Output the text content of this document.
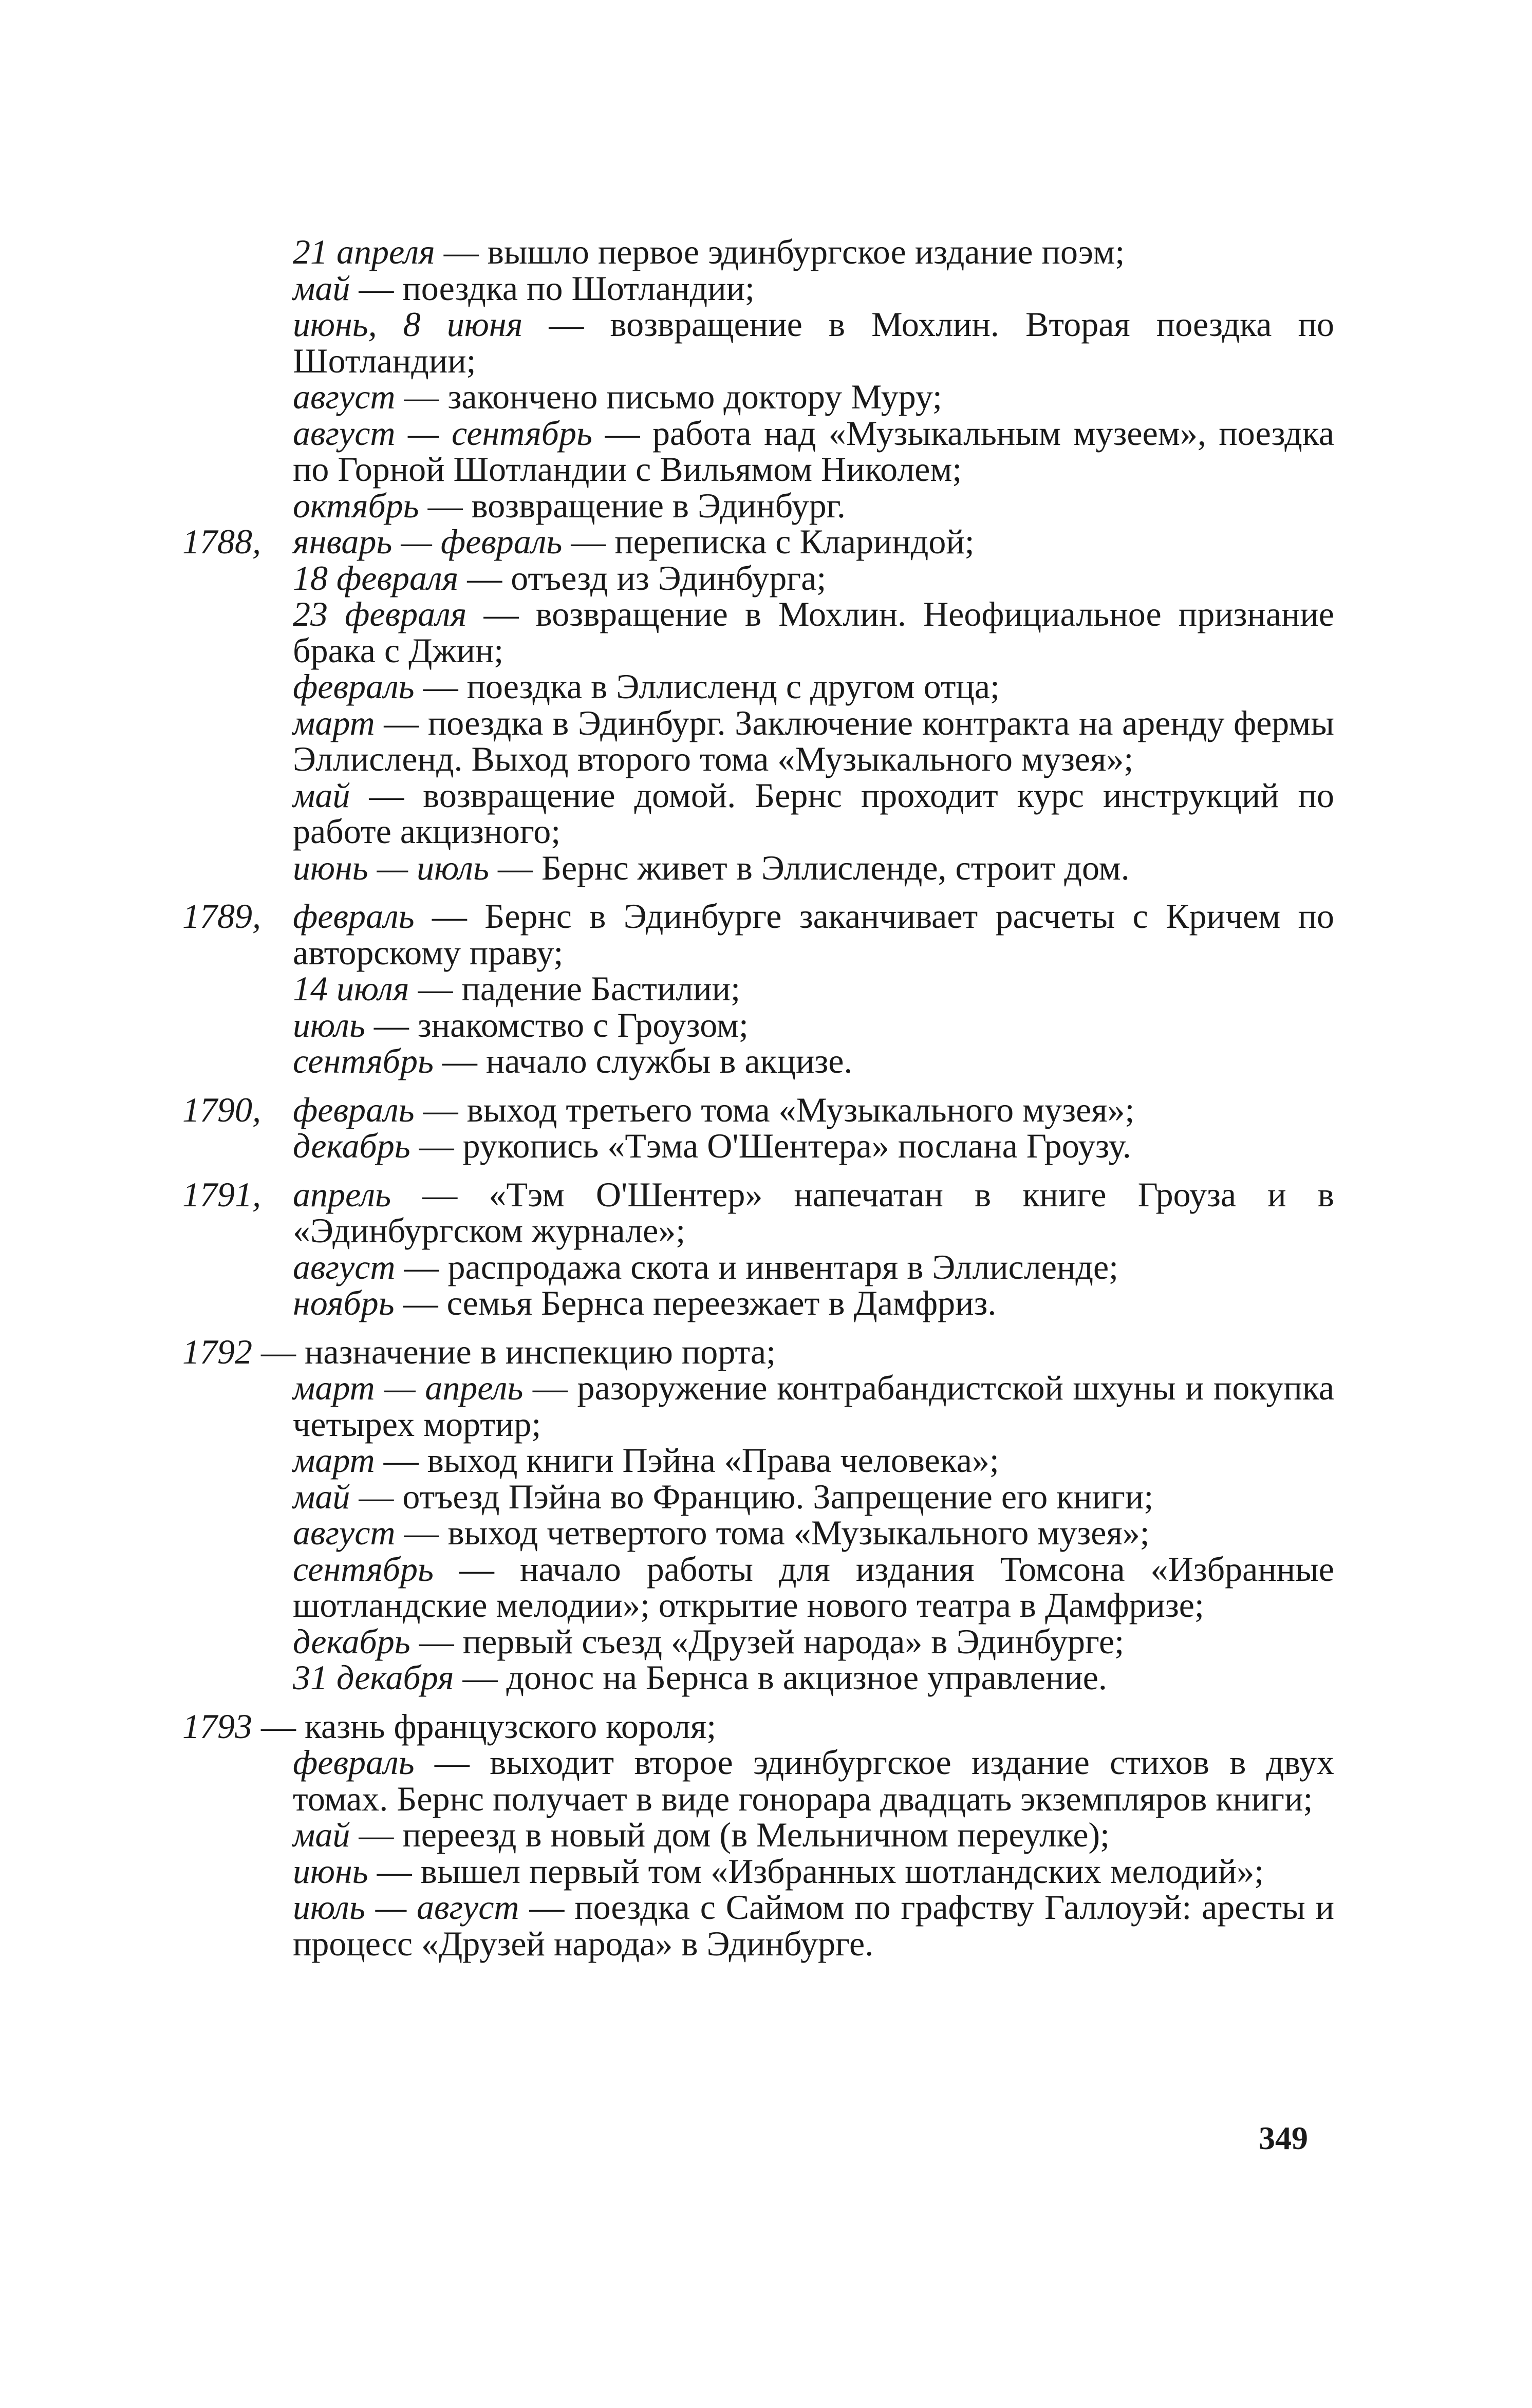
21 апреля — вышло первое эдинбургское издание поэм;

май — поездка по Шотландии;

июнь, 8 июня — возвращение в Мохлин. Вторая поездка по Шотландии;

август — закончено письмо доктору Муру;

август — сентябрь — работа над «Музыкальным музеем», поездка по Горной Шотландии с Вильямом Николем;

октябрь — возвращение в Эдинбург.

1788, январь — февраль — переписка с Клариндой;

18 февраля — отъезд из Эдинбурга;

23 февраля — возвращение в Мохлин. Неофициальное признание брака с Джин;

февраль — поездка в Эллисленд с другом отца;

март — поездка в Эдинбург. Заключение контракта на аренду фермы Эллисленд. Выход второго тома «Музыкального музея»;

май — возвращение домой. Бернс проходит курс инструкций по работе акцизного;

июнь — июль — Бернс живет в Эллисленде, строит дом.

1789, февраль — Бернс в Эдинбурге заканчивает расчеты с Кричем по авторскому праву;

14 июля — падение Бастилии;

июль — знакомство с Гроузом;

сентябрь — начало службы в акцизе.

1790, февраль — выход третьего тома «Музыкального музея»;

декабрь — рукопись «Тэма О'Шентера» послана Гроузу.

1791, апрель — «Тэм О'Шентер» напечатан в книге Гроуза и в «Эдинбургском журнале»;

август — распродажа скота и инвентаря в Эллисленде;

ноябрь — семья Бернса переезжает в Дамфриз.

1792 — назначение в инспекцию порта;

март — апрель — разоружение контрабандистской шхуны и покупка четырех мортир;

март — выход книги Пэйна «Права человека»;

май — отъезд Пэйна во Францию. Запрещение его книги;

август — выход четвертого тома «Музыкального музея»;

сентябрь — начало работы для издания Томсона «Избранные шотландские мелодии»; открытие нового театра в Дамфризе;

декабрь — первый съезд «Друзей народа» в Эдинбурге;

31 декабря — донос на Бернса в акцизное управление.

1793 — казнь французского короля;

февраль — выходит второе эдинбургское издание стихов в двух томах. Бернс получает в виде гонорара двадцать экземпляров книги;

май — переезд в новый дом (в Мельничном переулке);

июнь — вышел первый том «Избранных шотландских мелодий»;

июль — август — поездка с Саймом по графству Галлоуэй: аресты и процесс «Друзей народа» в Эдинбурге.

349
